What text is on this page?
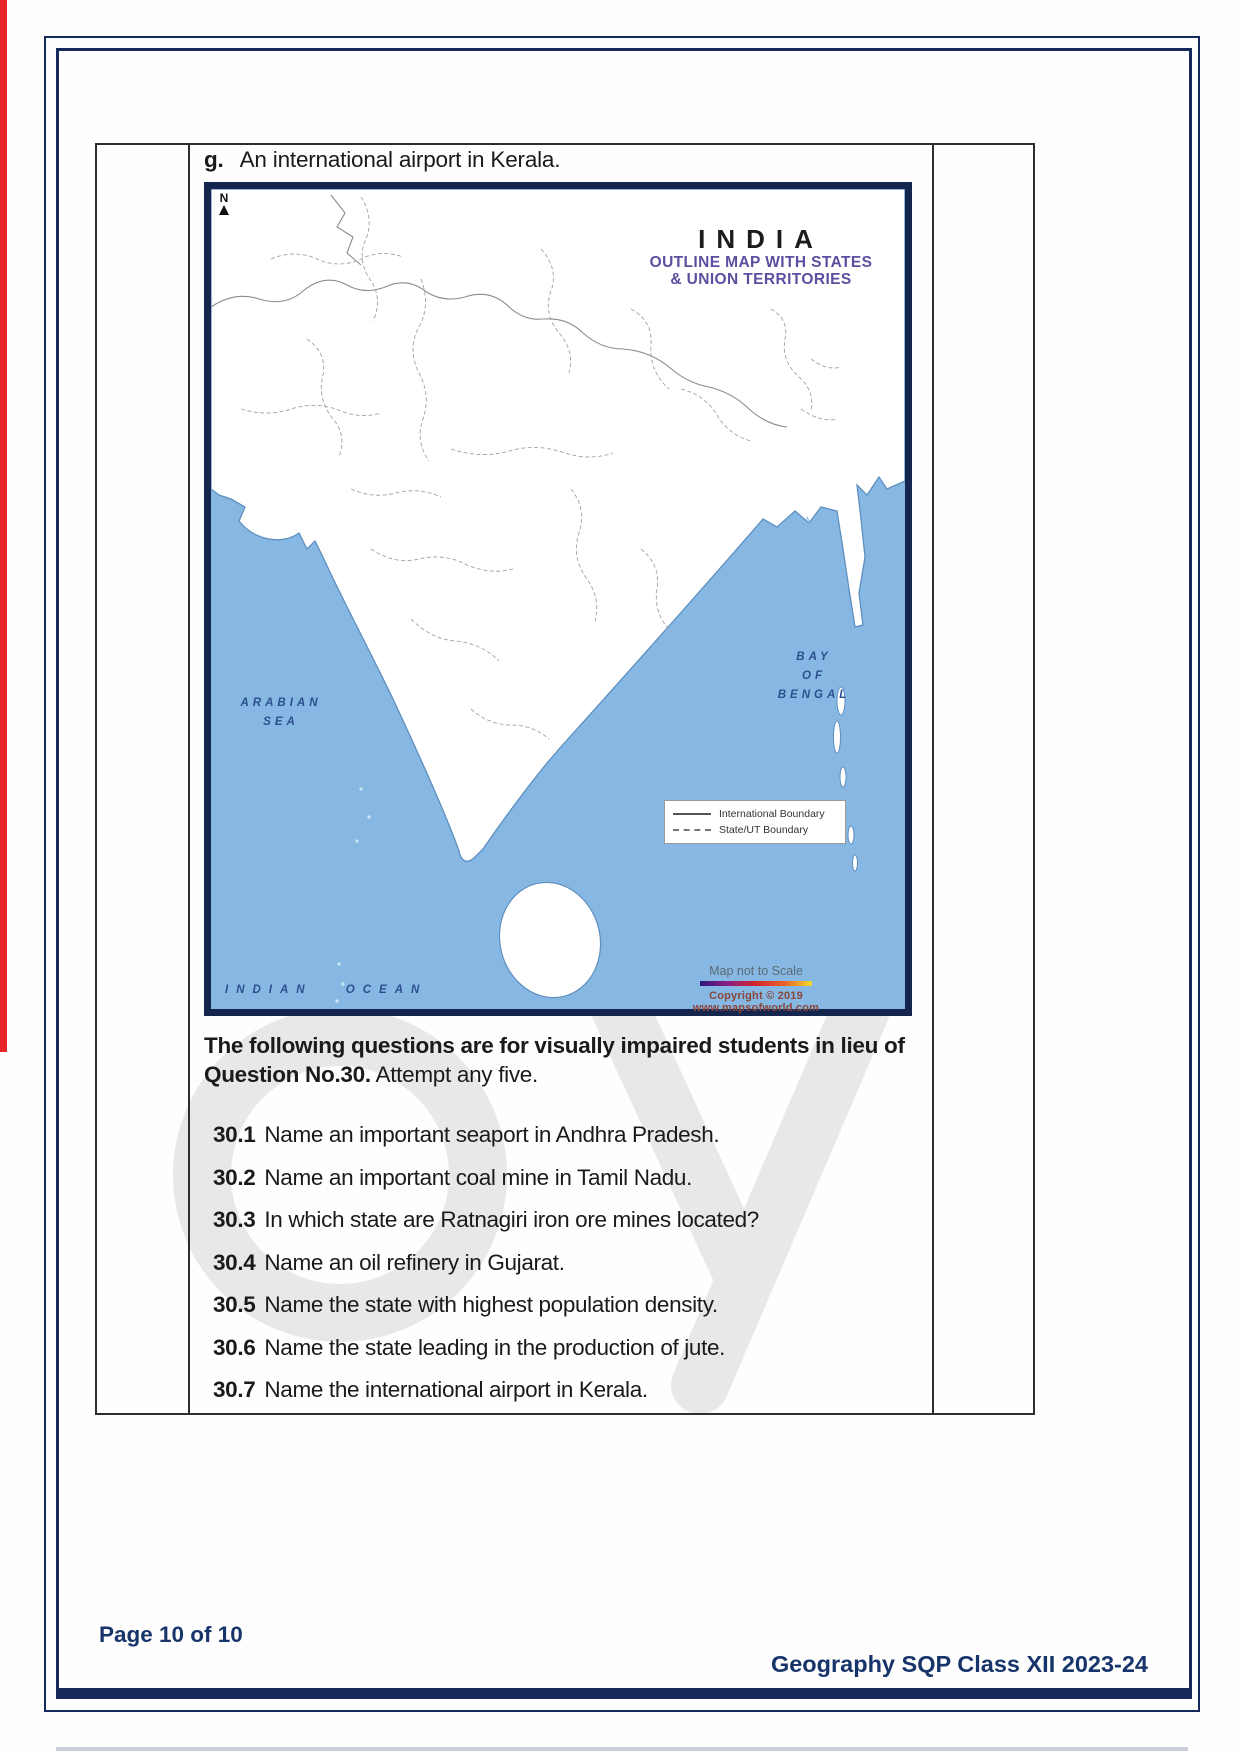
g. An international airport in Kerala.
N
INDIA
OUTLINE MAP WITH STATES
& UNION TERRITORIES
ARABIAN
SEA
BAY
OF
BENGAL
INDIAN OCEAN
International Boundary
State/UT Boundary
Map not to Scale
Copyright © 2019 www.mapsofworld.com
The following questions are for visually impaired students in lieu of Question No.30. Attempt any five.
30.1 Name an important seaport in Andhra Pradesh.
30.2 Name an important coal mine in Tamil Nadu.
30.3 In which state are Ratnagiri iron ore mines located?
30.4 Name an oil refinery in Gujarat.
30.5 Name the state with highest population density.
30.6 Name the state leading in the production of jute.
30.7 Name the international airport in Kerala.
Page 10 of 10
Geography SQP Class XII 2023-24
